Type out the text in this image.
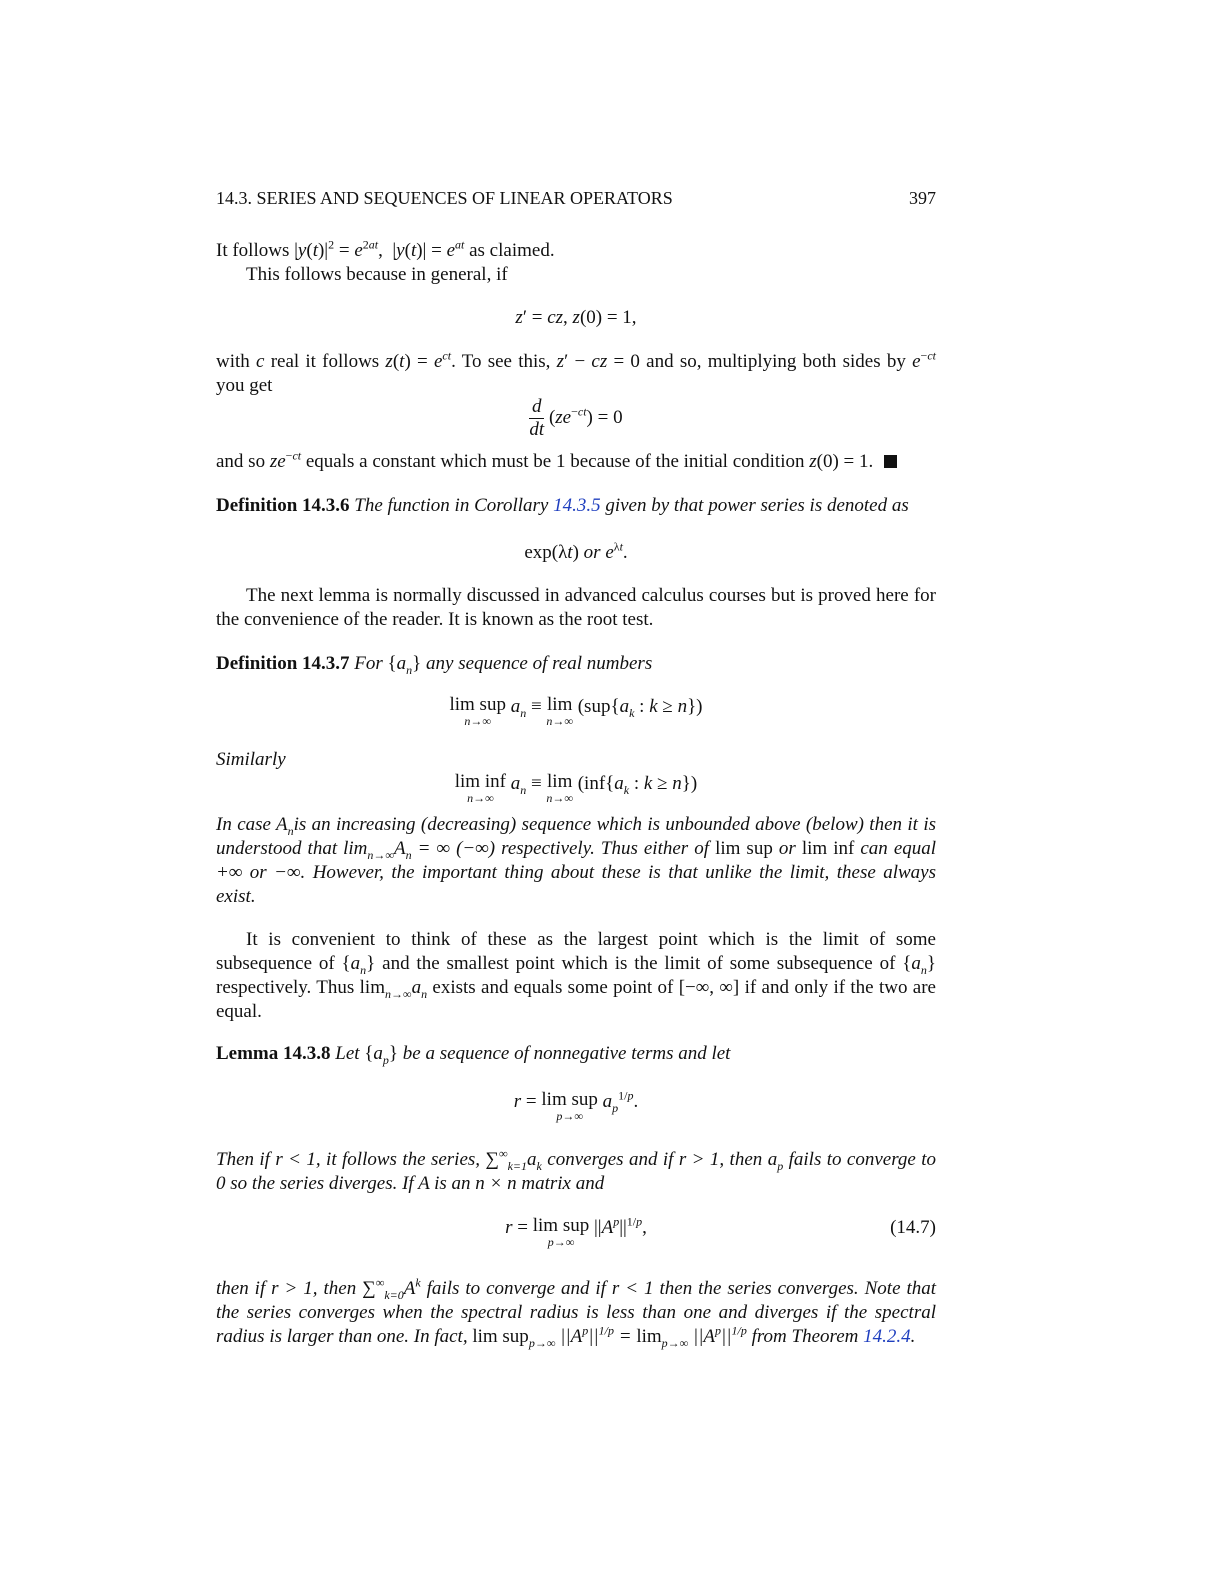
14.3. SERIES AND SEQUENCES OF LINEAR OPERATORS	397

It follows $|y(t)|^2 = e^{2at}$,  $|y(t)| = e^{at}$ as claimed.

This follows because in general, if

z′ = cz, z(0) = 1,

with c real it follows $z(t) = e^{ct}$. To see this, z′ − cz = 0 and so, multiplying both sides by $e^{-ct}$ you get

$\frac{d}{dt} (ze^{-ct}) = 0$

and so $ze^{-ct}$ equals a constant which must be 1 because of the initial condition z(0) = 1.

Definition 14.3.6 The function in Corollary 14.3.5 given by that power series is denoted as

exp(λt) or $e^{\lambda t}$.

The next lemma is normally discussed in advanced calculus courses but is proved here for the convenience of the reader. It is known as the root test.

Definition 14.3.7 For $\{a_n\}$ any sequence of real numbers

lim sup
n→∞
$a_n \equiv \lim$
n→∞
($sup\{a_k$ : k ≥ n})

Similarly

lim inf
n→∞
$a_n \equiv \lim$
n→∞
($inf\{a_k$ : k ≥ n})

In case $A_nis$ an increasing (decreasing) sequence which is unbounded above (below) then it is understood that $\lim_{n\to\infty}A_n$ = ∞ (−∞) respectively. Thus either of lim sup or lim inf can equal +∞ or −∞. However, the important thing about these is that unlike the limit, these always exist.

It is convenient to think of these as the largest point which is the limit of some subsequence of $\{a_n\}$ and the smallest point which is the limit of some subsequence of $\{a_n\}$ respectively. Thus $\lim_{n\to\infty}a_n$ exists and equals some point of [−∞, ∞] if and only if the two are equal.

Lemma 14.3.8 Let $\{a_p\}$ be a sequence of nonnegative terms and let

r = lim sup
p→∞
$a_p^{1/p}$.

Then if r < 1, it follows the series, $\sum^\infty_{k=1}a_k$ converges and if r > 1, then $a_p$ fails to converge to 0 so the series diverges. If A is an n × n matrix and

r = lim sup
p→∞
$||A^p||^{1/p}$,	(14.7)

then if r > 1, then $\sum^\infty_{k=0}A^k$ fails to converge and if r < 1 then the series converges. Note that the series converges when the spectral radius is less than one and diverges if the spectral radius is larger than one. In fact, lim sup$_{p\to\infty}$ $||A^p||^{1/p} = \lim_{p\to\infty} ||A^p||^{1/p}$ from Theorem 14.2.4.
